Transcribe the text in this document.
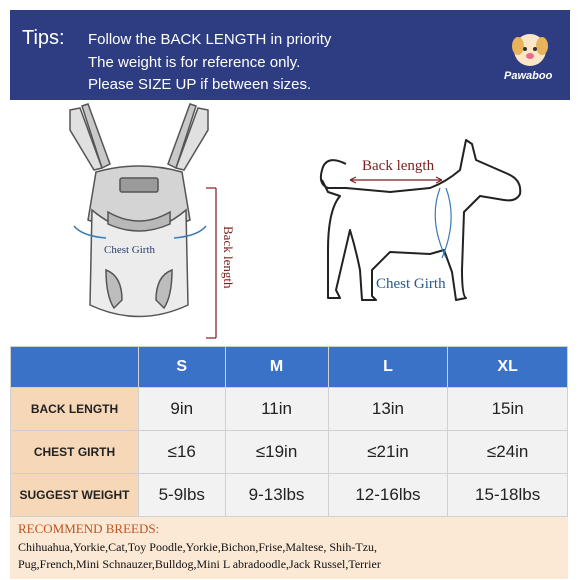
Tips: Follow the BACK LENGTH in priority
The weight is for reference only.
Please SIZE UP if between sizes.	Pawaboo
Chest Girth	Back length
Back length
Chest Girth
	S	M	L	XL
BACK LENGTH	9in	11in	13in	15in
CHEST GIRTH	≤16	≤19in	≤21in	≤24in
SUGGEST WEIGHT	5-9lbs	9-13lbs	12-16lbs	15-18lbs
RECOMMEND BREEDS:
Chihuahua,Yorkie,Cat,Toy Poodle,Yorkie,Bichon,Frise,Maltese, Shih-Tzu,
Pug,French,Mini Schnauzer,Bulldog,Mini L abradoodle,Jack Russel,Terrier
